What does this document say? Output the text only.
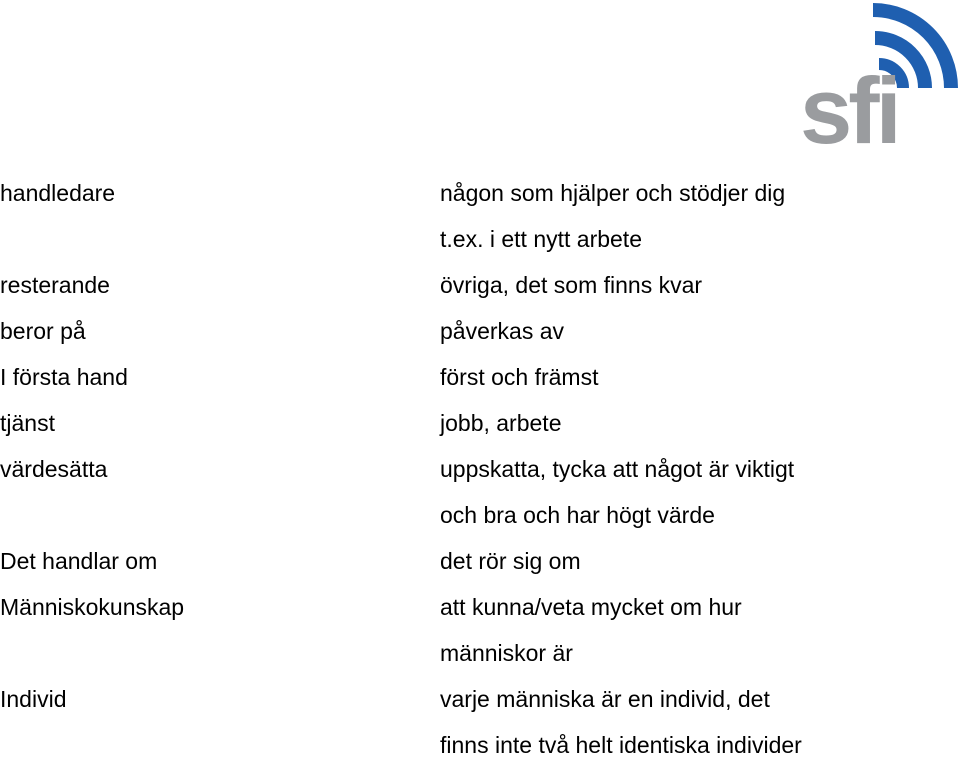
sfi
handledare	någon som hjälper och stödjer dig
t.ex. i ett nytt arbete
resterande	övriga, det som finns kvar
beror på	påverkas av
I första hand	först och främst
tjänst	jobb, arbete
värdesätta	uppskatta, tycka att något är viktigt
och bra och har högt värde
Det handlar om	det rör sig om
Människokunskap	att kunna/veta mycket om hur
människor är
Individ	varje människa är en individ, det
finns inte två helt identiska individer
